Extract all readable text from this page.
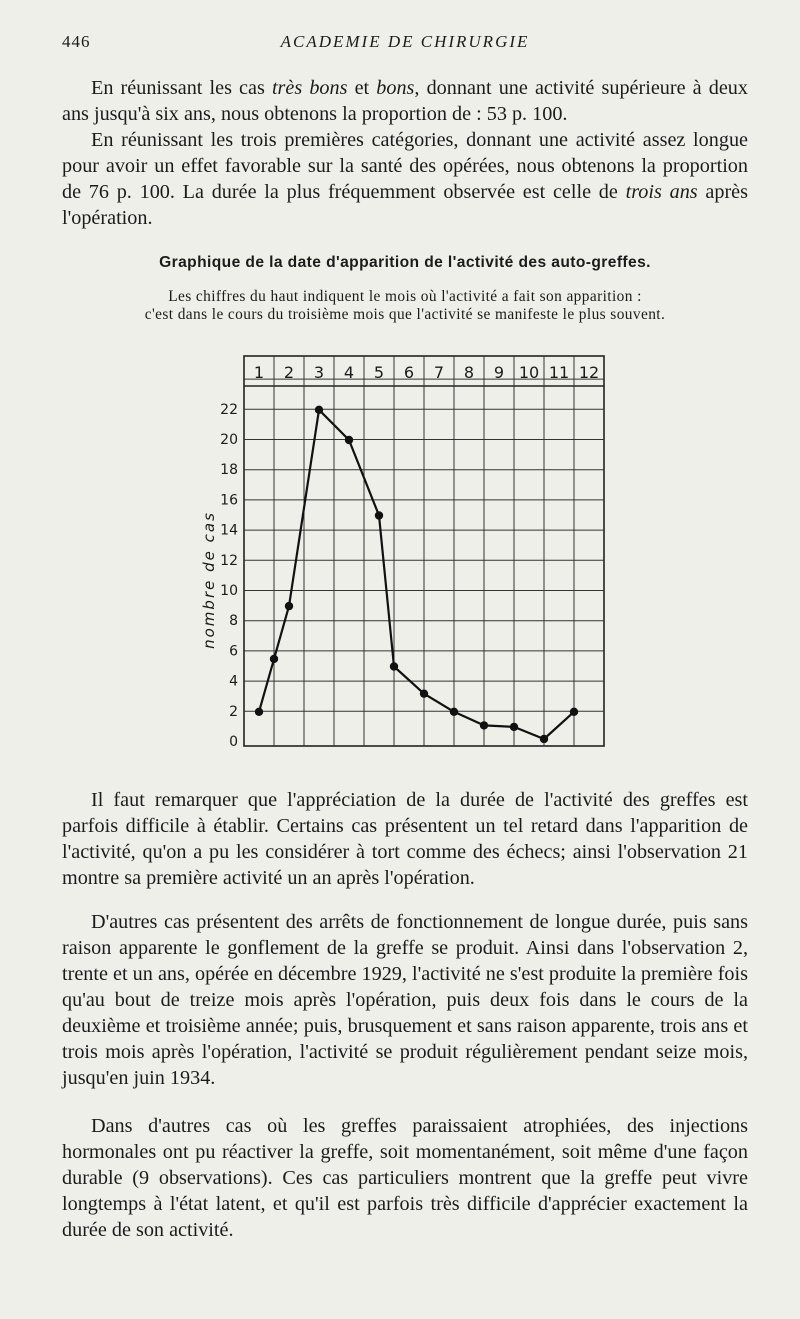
446	ACADEMIE DE CHIRURGIE

En réunissant les cas très bons et bons, donnant une activité supérieure à deux ans jusqu'à six ans, nous obtenons la proportion de : 53 p. 100.

En réunissant les trois premières catégories, donnant une activité assez longue pour avoir un effet favorable sur la santé des opérées, nous obtenons la proportion de 76 p. 100. La durée la plus fréquemment observée est celle de trois ans après l'opération.

Graphique de la date d'apparition de l'activité des auto-greffes.

Les chiffres du haut indiquent le mois où l'activité a fait son apparition :
c'est dans le cours du troisième mois que l'activité se manifeste le plus souvent.

1 2 3 4 5 6 7 8 9 10 11 12
0
2
4
6
8
10
12
14
16
18
20
22
nombre de cas

Il faut remarquer que l'appréciation de la durée de l'activité des greffes est parfois difficile à établir. Certains cas présentent un tel retard dans l'apparition de l'activité, qu'on a pu les considérer à tort comme des échecs; ainsi l'observation 21 montre sa première activité un an après l'opération.

D'autres cas présentent des arrêts de fonctionnement de longue durée, puis sans raison apparente le gonflement de la greffe se produit. Ainsi dans l'observation 2, trente et un ans, opérée en décembre 1929, l'activité ne s'est produite la première fois qu'au bout de treize mois après l'opération, puis deux fois dans le cours de la deuxième et troisième année; puis, brusquement et sans raison apparente, trois ans et trois mois après l'opération, l'activité se produit régulièrement pendant seize mois, jusqu'en juin 1934.

Dans d'autres cas où les greffes paraissaient atrophiées, des injections hormonales ont pu réactiver la greffe, soit momentanément, soit même d'une façon durable (9 observations). Ces cas particuliers montrent que la greffe peut vivre longtemps à l'état latent, et qu'il est parfois très difficile d'apprécier exactement la durée de son activité.
